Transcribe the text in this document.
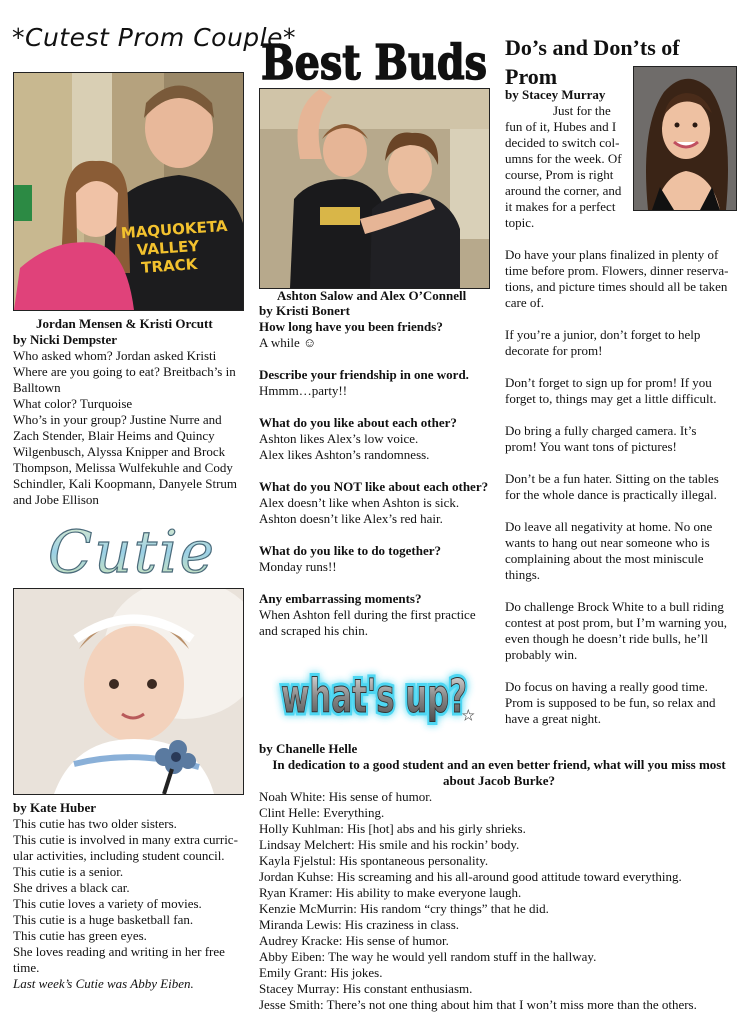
*Cutest Prom Couple*
MAQUOKETA VALLEY TRACK
Jordan Mensen & Kristi Orcutt
by Nicki Dempster
Who asked whom? Jordan asked Kristi
Where are you going to eat? Breitbach’s in
Balltown
What color? Turquoise
Who’s in your group? Justine Nurre and
Zach Stender, Blair Heims and Quincy
Wilgenbusch, Alyssa Knipper and Brock
Thompson, Melissa Wulfekuhle and Cody
Schindler, Kali Koopmann, Danyele Strum
and Jobe Ellison
Cutie
by Kate Huber
This cutie has two older sisters.
This cutie is involved in many extra curric-
ular activities, including student council.
This cutie is a senior.
She drives a black car.
This cutie loves a variety of movies.
This cutie is a huge basketball fan.
This cutie has green eyes.
She loves reading and writing in her free
time.
Last week’s Cutie was Abby Eiben.
Best Buds
Ashton Salow and Alex O’Connell
by Kristi Bonert
How long have you been friends?
A while ☺
Describe your friendship in one word.
Hmmm…party!!
What do you like about each other?
Ashton likes Alex’s low voice.
Alex likes Ashton’s randomness.
What do you NOT like about each other?
Alex doesn’t like when Ashton is sick.
Ashton doesn’t like Alex’s red hair.
What do you like to do together?
Monday runs!!
Any embarrassing moments?
When Ashton fell during the first practice
and scraped his chin.
what's up?
what's up?
★
Do’s and Don’ts of Prom
by Stacey Murray
Just for the
fun of it, Hubes and I
decided to switch col-
umns for the week. Of
course, Prom is right
around the corner, and
it makes for a perfect
topic.
Do have your plans finalized in plenty of
time before prom. Flowers, dinner reserva-
tions, and picture times should all be taken
care of.
If you’re a junior, don’t forget to help
decorate for prom!
Don’t forget to sign up for prom! If you
forget to, things may get a little difficult.
Do bring a fully charged camera. It’s
prom! You want tons of pictures!
Don’t be a fun hater. Sitting on the tables
for the whole dance is practically illegal.
Do leave all negativity at home. No one
wants to hang out near someone who is
complaining about the most miniscule
things.
Do challenge Brock White to a bull riding
contest at post prom, but I’m warning you,
even though he doesn’t ride bulls, he’ll
probably win.
Do focus on having a really good time.
Prom is supposed to be fun, so relax and
have a great night.
by Chanelle Helle
In dedication to a good student and an even better friend, what will you miss most
about Jacob Burke?
Noah White: His sense of humor.
Clint Helle: Everything.
Holly Kuhlman: His [hot] abs and his girly shrieks.
Lindsay Melchert: His smile and his rockin’ body.
Kayla Fjelstul: His spontaneous personality.
Jordan Kuhse: His screaming and his all-around good attitude toward everything.
Ryan Kramer: His ability to make everyone laugh.
Kenzie McMurrin: His random “cry things” that he did.
Miranda Lewis: His craziness in class.
Audrey Kracke: His sense of humor.
Abby Eiben: The way he would yell random stuff in the hallway.
Emily Grant: His jokes.
Stacey Murray: His constant enthusiasm.
Jesse Smith: There’s not one thing about him that I won’t miss more than the others.
